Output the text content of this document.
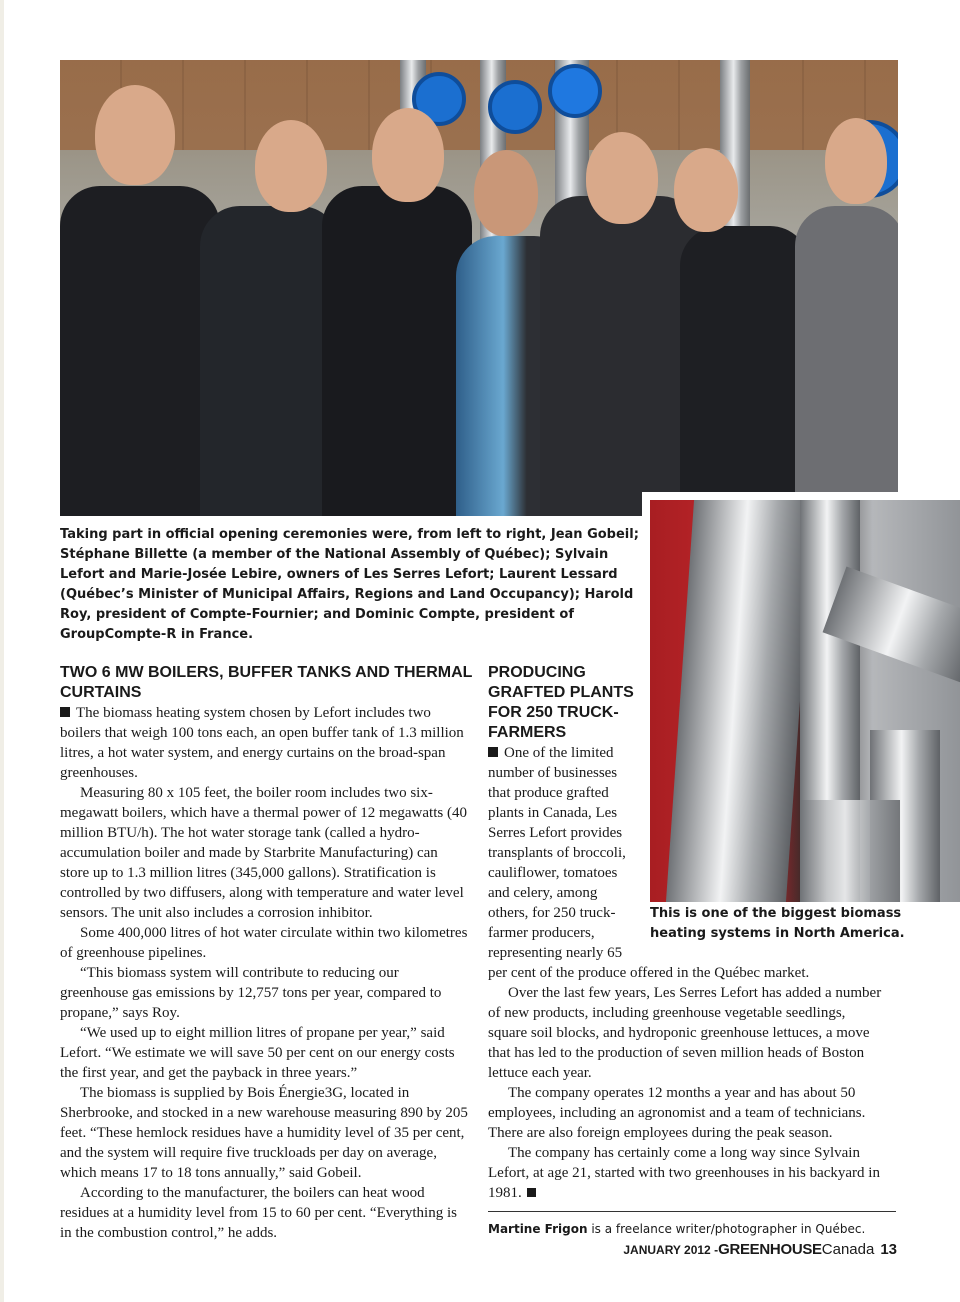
Taking part in official opening ceremonies were, from left to right, Jean Gobeil; Stéphane Billette (a member of the National Assembly of Québec); Sylvain Lefort and Marie-Josée Lebire, owners of Les Serres Lefort; Laurent Lessard (Québec’s Minister of Municipal Affairs, Regions and Land Occupancy); Harold Roy, president of Compte-Fournier; and Dominic Compte, president of GroupCompte-R in France.
This is one of the biggest biomass heating systems in North America.
TWO 6 MW BOILERS, BUFFER TANKS AND THERMAL CURTAINS

The biomass heating system chosen by Lefort includes two boilers that weigh 100 tons each, an open buffer tank of 1.3 million litres, a hot water system, and energy curtains on the broad-span greenhouses.

Measuring 80 x 105 feet, the boiler room includes two six-megawatt boilers, which have a thermal power of 12 megawatts (40 million BTU/h). The hot water storage tank (called a hydro-accumulation boiler and made by Starbrite Manufacturing) can store up to 1.3 million litres (345,000 gallons). Stratification is controlled by two diffusers, along with temperature and water level sensors. The unit also includes a corrosion inhibitor.

Some 400,000 litres of hot water circulate within two kilometres of greenhouse pipelines.

“This biomass system will contribute to reducing our greenhouse gas emissions by 12,757 tons per year, compared to propane,” says Roy.

“We used up to eight million litres of propane per year,” said Lefort. “We estimate we will save 50 per cent on our energy costs the first year, and get the payback in three years.”

The biomass is supplied by Bois Énergie3G, located in Sherbrooke, and stocked in a new warehouse measuring 890 by 205 feet. “These hemlock residues have a humidity level of 35 per cent, and the system will require five truckloads per day on average, which means 17 to 18 tons annually,” said Gobeil.

According to the manufacturer, the boilers can heat wood residues at a humidity level from 15 to 60 per cent. “Everything is in the combustion control,” he adds.

PRODUCING GRAFTED PLANTS FOR 250 TRUCK-FARMERS

One of the limited number of businesses that produce grafted plants in Canada, Les Serres Lefort provides transplants of broccoli, cauliflower, tomatoes and celery, among others, for 250 truck-farmer producers, representing nearly 65

per cent of the produce offered in the Québec market.

Over the last few years, Les Serres Lefort has added a number of new products, including greenhouse vegetable seedlings, square soil blocks, and hydroponic greenhouse lettuces, a move that has led to the production of seven million heads of Boston lettuce each year.

The company operates 12 months a year and has about 50 employees, including an agronomist and a team of technicians. There are also foreign employees during the peak season.

The company has certainly come a long way since Sylvain Lefort, at age 21, started with two greenhouses in his backyard in 1981.

Martine Frigon is a freelance writer/photographer in Québec.
JANUARY 2012 -GREENHOUSECanada 13
